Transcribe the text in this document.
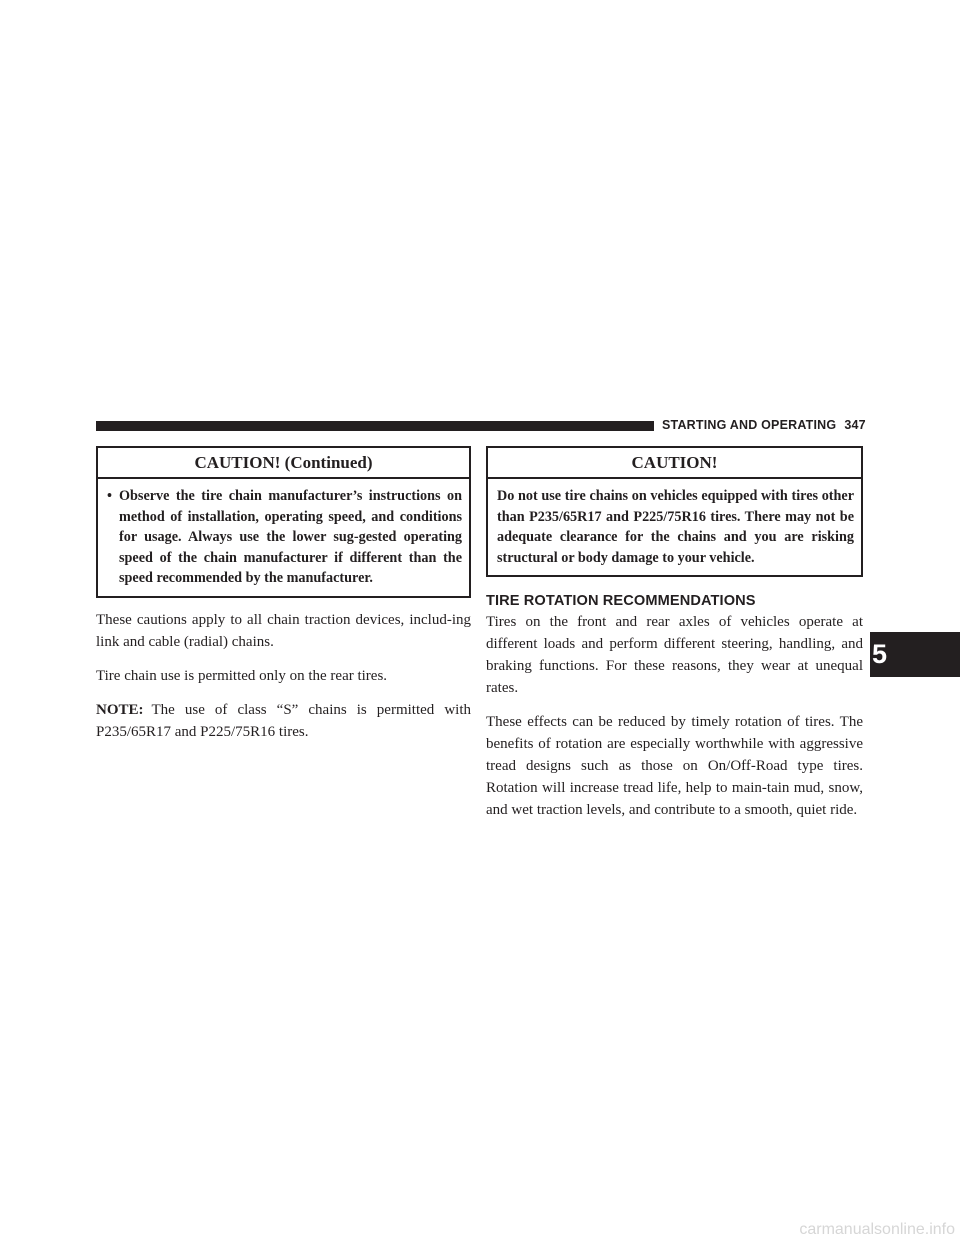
STARTING AND OPERATING 347
CAUTION! (Continued)
• Observe the tire chain manufacturer’s instructions on method of installation, operating speed, and conditions for usage. Always use the lower sug-gested operating speed of the chain manufacturer if different than the speed recommended by the manufacturer.

These cautions apply to all chain traction devices, includ-ing link and cable (radial) chains.

Tire chain use is permitted only on the rear tires.

NOTE: The use of class “S” chains is permitted with P235/65R17 and P225/75R16 tires.

CAUTION!
Do not use tire chains on vehicles equipped with tires other than P235/65R17 and P225/75R16 tires. There may not be adequate clearance for the chains and you are risking structural or body damage to your vehicle.
TIRE ROTATION RECOMMENDATIONS

Tires on the front and rear axles of vehicles operate at different loads and perform different steering, handling, and braking functions. For these reasons, they wear at unequal rates.

These effects can be reduced by timely rotation of tires. The benefits of rotation are especially worthwhile with aggressive tread designs such as those on On/Off-Road type tires. Rotation will increase tread life, help to main-tain mud, snow, and wet traction levels, and contribute to a smooth, quiet ride.

5
carmanualsonline.info
